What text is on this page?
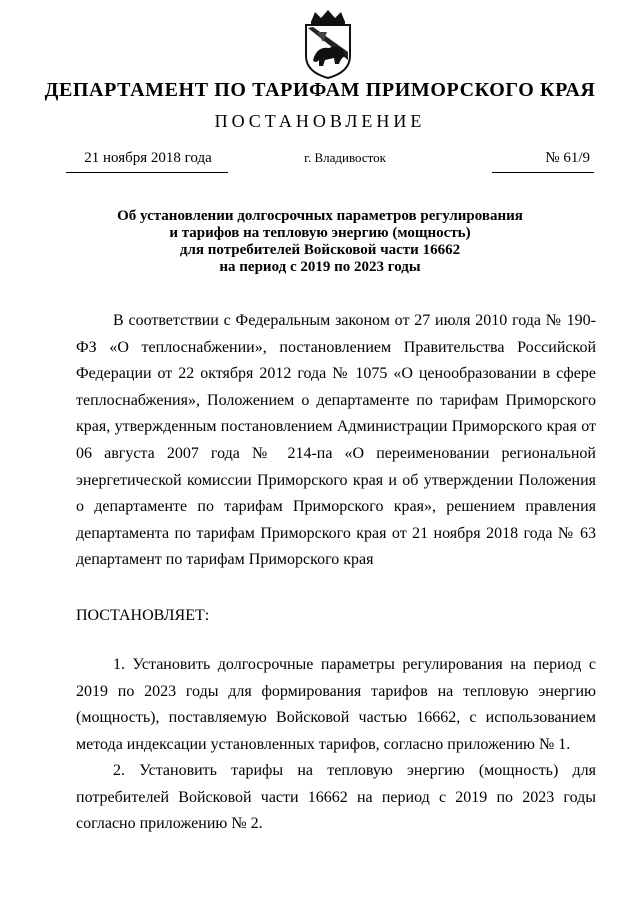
ДЕПАРТАМЕНТ ПО ТАРИФАМ ПРИМОРСКОГО КРАЯ
ПОСТАНОВЛЕНИЕ
21 ноября 2018 года	г. Владивосток	№ 61/9
Об установлении долгосрочных параметров регулирования
и тарифов на тепловую энергию (мощность)
для потребителей Войсковой части 16662
на период с 2019 по 2023 годы
В соответствии с Федеральным законом от 27 июля 2010 года № 190-ФЗ «О теплоснабжении», постановлением Правительства Российской Федерации от 22 октября 2012 года № 1075 «О ценообразовании в сфере теплоснабжения», Положением о департаменте по тарифам Приморского края, утвержденным постановлением Администрации Приморского края от 06 августа 2007 года № 214-па «О переименовании региональной энергетической комиссии Приморского края и об утверждении Положения о департаменте по тарифам Приморского края», решением правления департамента по тарифам Приморского края от 21 ноября 2018 года № 63 департамент по тарифам Приморского края
ПОСТАНОВЛЯЕТ:
1. Установить долгосрочные параметры регулирования на период с 2019 по 2023 годы для формирования тарифов на тепловую энергию (мощность), поставляемую Войсковой частью 16662, с использованием метода индексации установленных тарифов, согласно приложению № 1.
2. Установить тарифы на тепловую энергию (мощность) для потребителей Войсковой части 16662 на период с 2019 по 2023 годы согласно приложению № 2.
